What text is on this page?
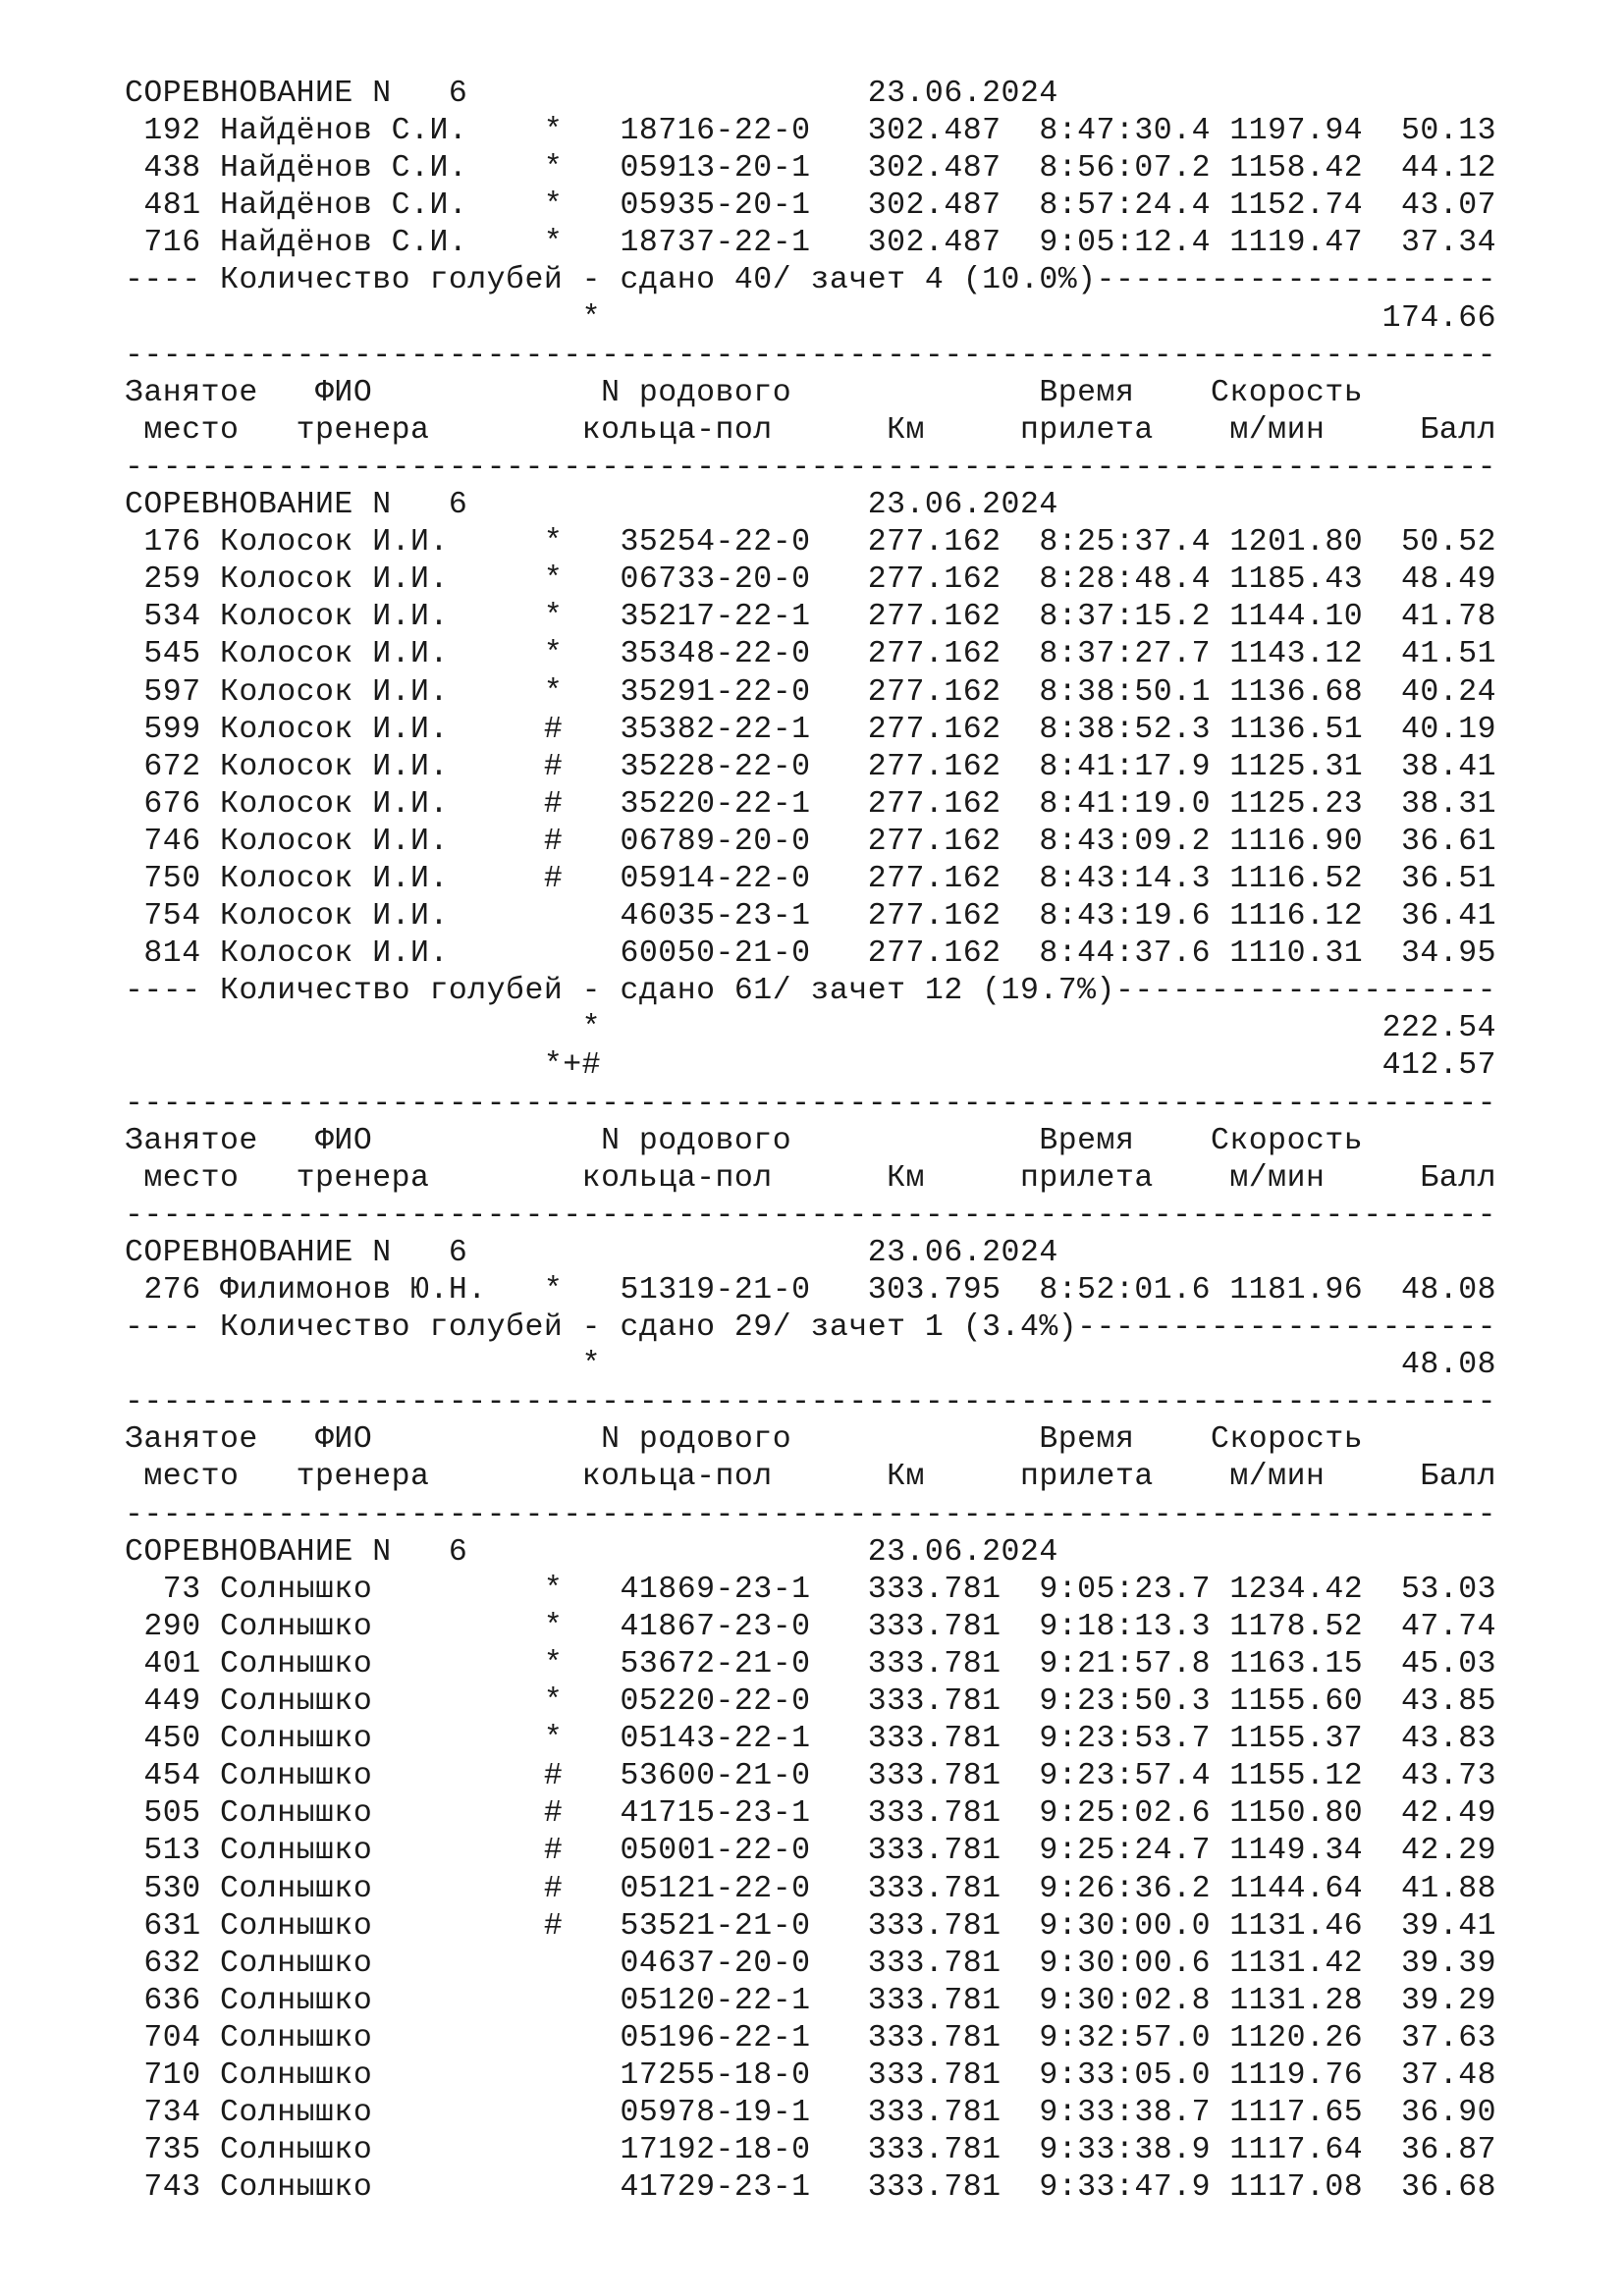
СОРЕВНОВАНИЕ N   6                     23.06.2024
192 Найдёнов С.И.    *   18716-22-0   302.487  8:47:30.4 1197.94  50.13
438 Найдёнов С.И.    *   05913-20-1   302.487  8:56:07.2 1158.42  44.12
481 Найдёнов С.И.    *   05935-20-1   302.487  8:57:24.4 1152.74  43.07
716 Найдёнов С.И.    *   18737-22-1   302.487  9:05:12.4 1119.47  37.34
---- Количество голубей - сдано 40/ зачет 4 (10.0%)---------------------
*                                         174.66
------------------------------------------------------------------------
Занятое   ФИО            N родового             Время    Скорость
место   тренера        кольца-пол      Км     прилета    м/мин     Балл
------------------------------------------------------------------------
СОРЕВНОВАНИЕ N   6                     23.06.2024
176 Колосок И.И.     *   35254-22-0   277.162  8:25:37.4 1201.80  50.52
259 Колосок И.И.     *   06733-20-0   277.162  8:28:48.4 1185.43  48.49
534 Колосок И.И.     *   35217-22-1   277.162  8:37:15.2 1144.10  41.78
545 Колосок И.И.     *   35348-22-0   277.162  8:37:27.7 1143.12  41.51
597 Колосок И.И.     *   35291-22-0   277.162  8:38:50.1 1136.68  40.24
599 Колосок И.И.     #   35382-22-1   277.162  8:38:52.3 1136.51  40.19
672 Колосок И.И.     #   35228-22-0   277.162  8:41:17.9 1125.31  38.41
676 Колосок И.И.     #   35220-22-1   277.162  8:41:19.0 1125.23  38.31
746 Колосок И.И.     #   06789-20-0   277.162  8:43:09.2 1116.90  36.61
750 Колосок И.И.     #   05914-22-0   277.162  8:43:14.3 1116.52  36.51
754 Колосок И.И.         46035-23-1   277.162  8:43:19.6 1116.12  36.41
814 Колосок И.И.         60050-21-0   277.162  8:44:37.6 1110.31  34.95
---- Количество голубей - сдано 61/ зачет 12 (19.7%)--------------------
*                                         222.54
*+#                                         412.57
------------------------------------------------------------------------
Занятое   ФИО            N родового             Время    Скорость
место   тренера        кольца-пол      Км     прилета    м/мин     Балл
------------------------------------------------------------------------
СОРЕВНОВАНИЕ N   6                     23.06.2024
276 Филимонов Ю.Н.   *   51319-21-0   303.795  8:52:01.6 1181.96  48.08
---- Количество голубей - сдано 29/ зачет 1 (3.4%)----------------------
*                                          48.08
------------------------------------------------------------------------
Занятое   ФИО            N родового             Время    Скорость
место   тренера        кольца-пол      Км     прилета    м/мин     Балл
------------------------------------------------------------------------
СОРЕВНОВАНИЕ N   6                     23.06.2024
73 Солнышко         *   41869-23-1   333.781  9:05:23.7 1234.42  53.03
290 Солнышко         *   41867-23-0   333.781  9:18:13.3 1178.52  47.74
401 Солнышко         *   53672-21-0   333.781  9:21:57.8 1163.15  45.03
449 Солнышко         *   05220-22-0   333.781  9:23:50.3 1155.60  43.85
450 Солнышко         *   05143-22-1   333.781  9:23:53.7 1155.37  43.83
454 Солнышко         #   53600-21-0   333.781  9:23:57.4 1155.12  43.73
505 Солнышко         #   41715-23-1   333.781  9:25:02.6 1150.80  42.49
513 Солнышко         #   05001-22-0   333.781  9:25:24.7 1149.34  42.29
530 Солнышко         #   05121-22-0   333.781  9:26:36.2 1144.64  41.88
631 Солнышко         #   53521-21-0   333.781  9:30:00.0 1131.46  39.41
632 Солнышко             04637-20-0   333.781  9:30:00.6 1131.42  39.39
636 Солнышко             05120-22-1   333.781  9:30:02.8 1131.28  39.29
704 Солнышко             05196-22-1   333.781  9:32:57.0 1120.26  37.63
710 Солнышко             17255-18-0   333.781  9:33:05.0 1119.76  37.48
734 Солнышко             05978-19-1   333.781  9:33:38.7 1117.65  36.90
735 Солнышко             17192-18-0   333.781  9:33:38.9 1117.64  36.87
743 Солнышко             41729-23-1   333.781  9:33:47.9 1117.08  36.68
